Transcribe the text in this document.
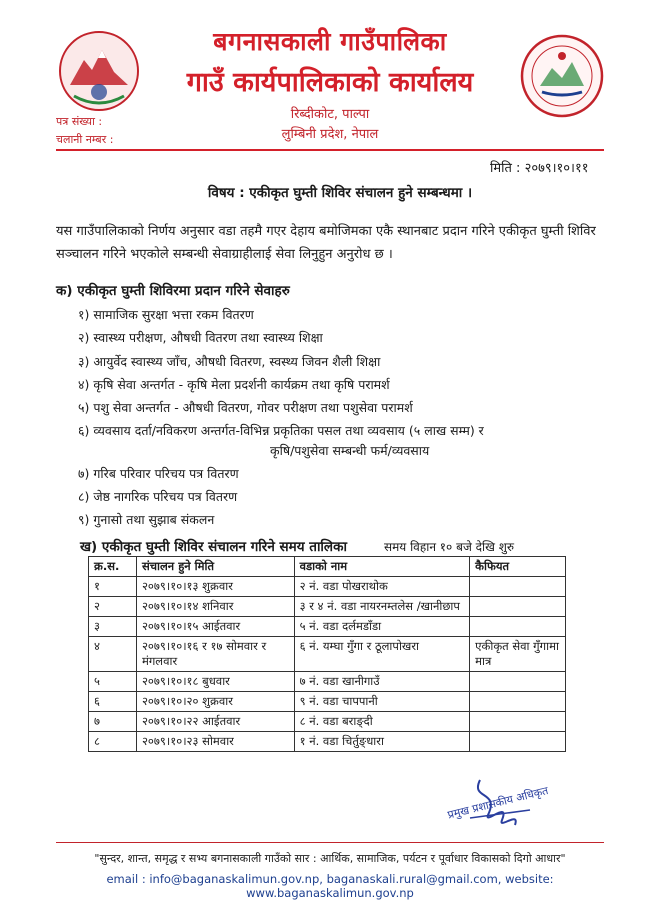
बगनासकाली गाउँपालिका
गाउँ कार्यपालिकाको कार्यालय
रिब्दीकोट, पाल्पा
लुम्बिनी प्रदेश, नेपाल
पत्र संख्या :
चलानी नम्बर :
मिति : २०७९।१०।११
विषय : एकीकृत घुम्ती शिविर संचालन हुने सम्बन्धमा ।
यस गाउँपालिकाको निर्णय अनुसार वडा तहमै गएर देहाय बमोजिमका एकै स्थानबाट प्रदान गरिने एकीकृत घुम्ती शिविर सञ्चालन गरिने भएकोले सम्बन्धी सेवाग्राहीलाई सेवा लिनुहुन अनुरोध छ ।
क) एकीकृत घुम्ती शिविरमा प्रदान गरिने सेवाहरु
१) सामाजिक सुरक्षा भत्ता रकम वितरण
२) स्वास्थ्य परीक्षण, औषधी वितरण तथा स्वास्थ्य शिक्षा
३) आयुर्वेद स्वास्थ्य जाँच, औषधी वितरण, स्वस्थ्य जिवन शैली शिक्षा
४) कृषि सेवा अन्तर्गत - कृषि मेला प्रदर्शनी कार्यक्रम तथा कृषि परामर्श
५) पशु सेवा अन्तर्गत - औषधी वितरण, गोवर परीक्षण तथा पशुसेवा परामर्श
६) व्यवसाय दर्ता/नविकरण अन्तर्गत-विभिन्न प्रकृतिका पसल तथा व्यवसाय (५ लाख सम्म) र
कृषि/पशुसेवा सम्बन्धी फर्म/व्यवसाय
७) गरिब परिवार परिचय पत्र वितरण
८) जेष्ठ नागरिक परिचय पत्र वितरण
९) गुनासो तथा सुझाब संकलन
ख) एकीकृत घुम्ती शिविर संचालन गरिने समय तालिका	समय विहान १० बजे देखि शुरु
क्र.स.	संचालन हुने मिति	वडाको नाम	कैफियत
१	२०७९।१०।१३ शुक्रवार	२ नं. वडा पोखराथोक	
२	२०७९।१०।१४ शनिवार	३ र ४ नं. वडा नायरनम्तलेस /खानीछाप	
३	२०७९।१०।१५ आईतवार	५ नं. वडा दर्लमडाँडा	
४	२०७९।१०।१६ र १७ सोमवार र मंगलवार	६ नं. यम्घा गुँगा र ठूलापोखरा	एकीकृत सेवा गुँगामा मात्र
५	२०७९।१०।१८ बुधवार	७ नं. वडा खानीगाउँ	
६	२०७९।१०।२० शुक्रवार	९ नं. वडा चापपानी	
७	२०७९।१०।२२ आईतवार	८ नं. वडा बराङ्दी	
८	२०७९।१०।२३ सोमवार	१ नं. वडा चिर्तुङ्धारा	
प्रमुख प्रशासकीय अधिकृत
"सुन्दर, शान्त, समृद्ध र सभ्य बगनासकाली गाउँको सार : आर्थिक, सामाजिक, पर्यटन र पूर्वाधार विकासको दिगो आधार"
email : info@baganaskalimun.gov.np, baganaskali.rural@gmail.com, website: www.baganaskalimun.gov.np
